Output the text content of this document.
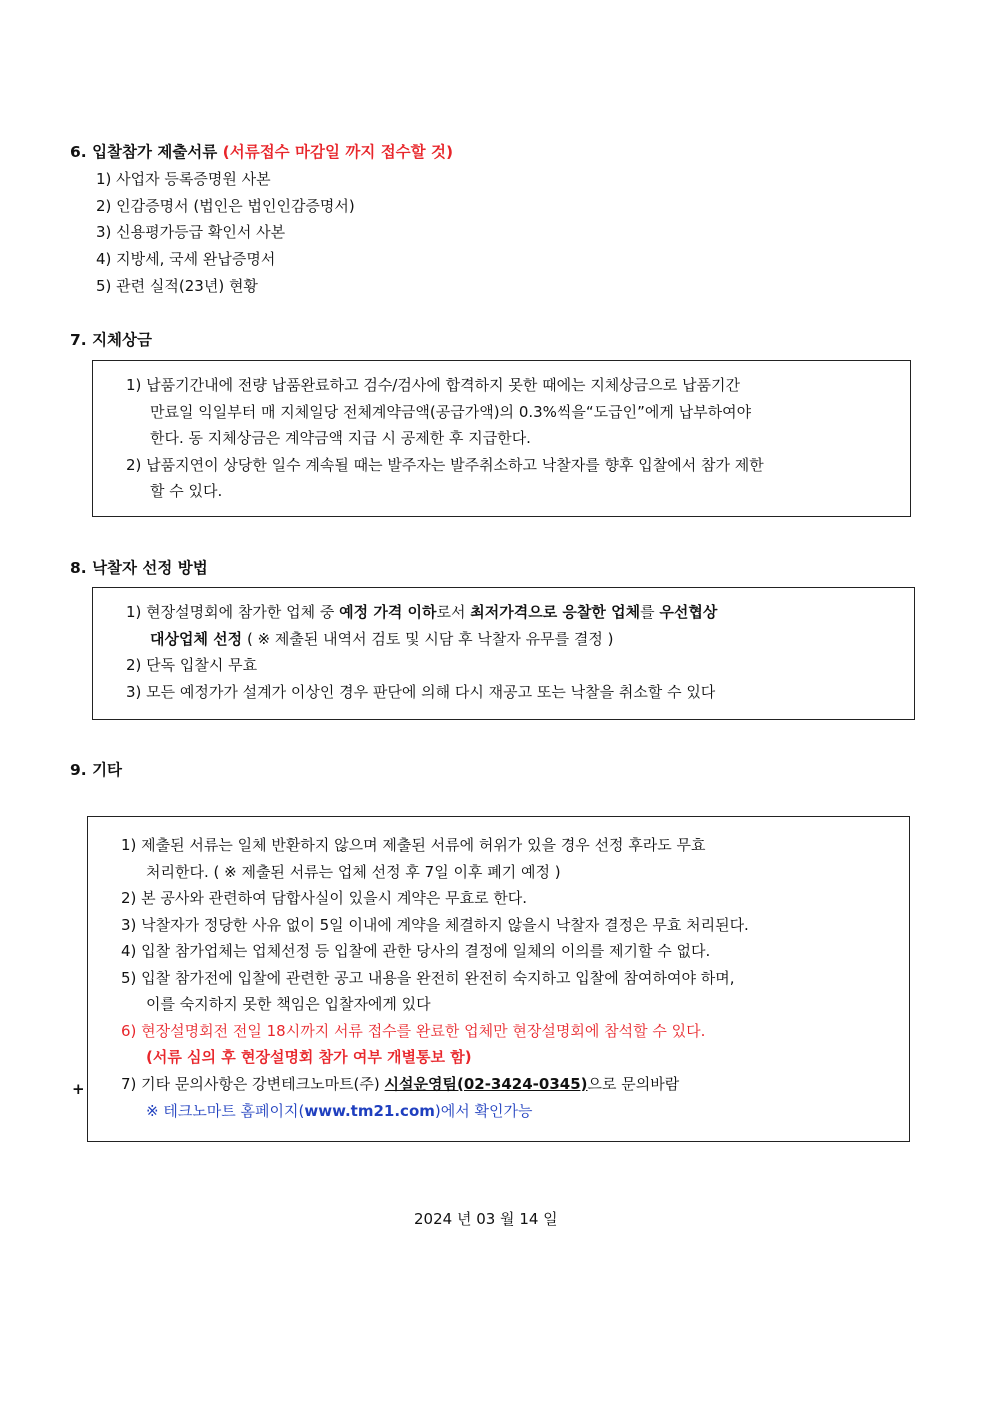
6. 입찰참가 제출서류 (서류접수 마감일 까지 접수할 것)
1) 사업자 등록증명원 사본
2) 인감증명서 (법인은 법인인감증명서)
3) 신용평가등급 확인서 사본
4) 지방세, 국세 완납증명서
5) 관련 실적(23년) 현황
7. 지체상금
1) 납품기간내에 전량 납품완료하고 검수/검사에 합격하지 못한 때에는 지체상금으로 납품기간
만료일 익일부터 매 지체일당 전체계약금액(공급가액)의 0.3%씩을“도급인”에게 납부하여야
한다. 동 지체상금은 계약금액 지급 시 공제한 후 지급한다.
2) 납품지연이 상당한 일수 계속될 때는 발주자는 발주취소하고 낙찰자를 향후 입찰에서 참가 제한
할 수 있다.
8. 낙찰자 선정 방법
1) 현장설명회에 참가한 업체 중 예정 가격 이하로서 최저가격으로 응찰한 업체를 우선협상
대상업체 선정 ( ※ 제출된 내역서 검토 및 시담 후 낙찰자 유무를 결정 )
2) 단독 입찰시 무효
3) 모든 예정가가 설계가 이상인 경우 판단에 의해 다시 재공고 또는 낙찰을 취소할 수 있다
9. 기타
1) 제출된 서류는 일체 반환하지 않으며 제출된 서류에 허위가 있을 경우 선정 후라도 무효
처리한다. ( ※ 제출된 서류는 업체 선정 후 7일 이후 폐기 예정 )
2) 본 공사와 관련하여 담합사실이 있을시 계약은 무효로 한다.
3) 낙찰자가 정당한 사유 없이 5일 이내에 계약을 체결하지 않을시 낙찰자 결정은 무효 처리된다.
4) 입찰 참가업체는 업체선정 등 입찰에 관한 당사의 결정에 일체의 이의를 제기할 수 없다.
5) 입찰 참가전에 입찰에 관련한 공고 내용을 완전히 완전히 숙지하고 입찰에 참여하여야 하며,
이를 숙지하지 못한 책임은 입찰자에게 있다
6) 현장설명회전 전일 18시까지 서류 접수를 완료한 업체만 현장설명회에 참석할 수 있다.
(서류 심의 후 현장설명회 참가 여부 개별통보 함)
7) 기타 문의사항은 강변테크노마트(주) 시설운영팀(02-3424-0345)으로 문의바람
※ 테크노마트 홈페이지(www.tm21.com)에서 확인가능
+
2024 년 03 월 14 일
